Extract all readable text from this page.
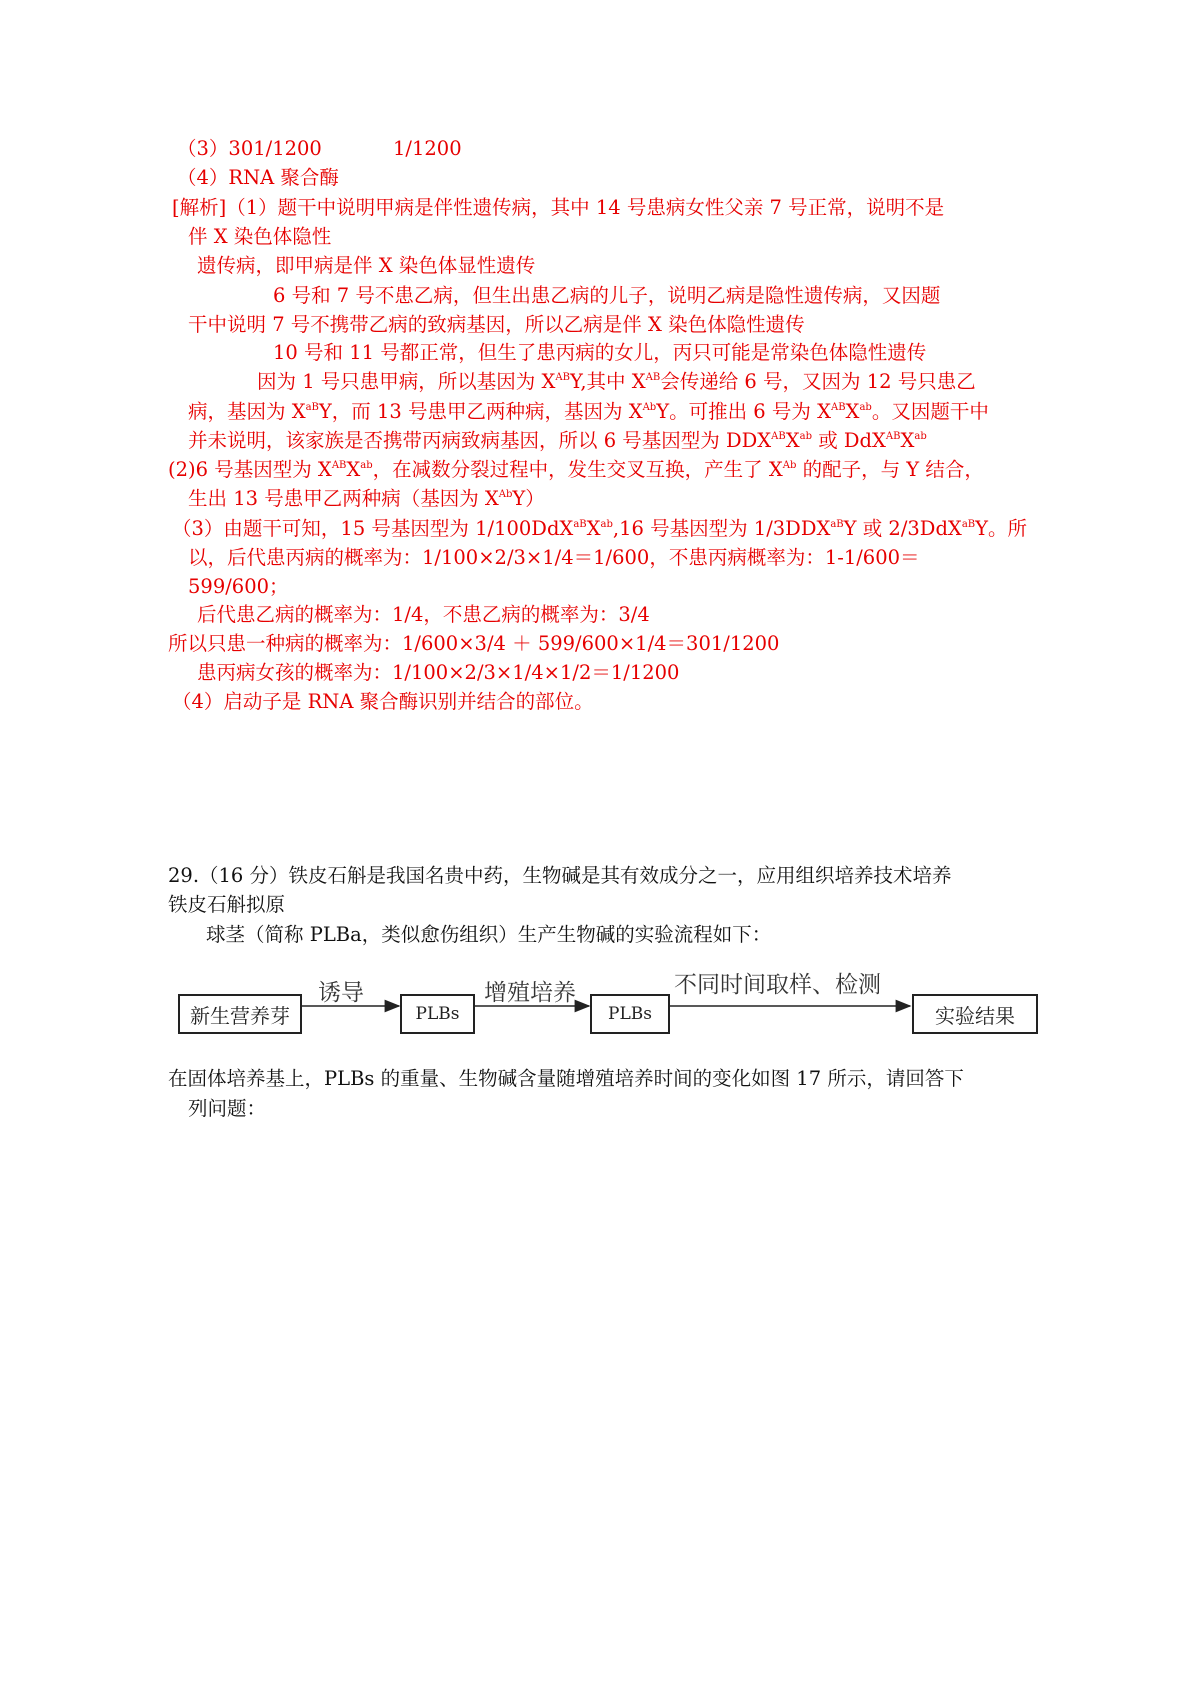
（3）301/1200	1/1200
（4）RNA 聚合酶
[解析]（1）题干中说明甲病是伴性遗传病，其中 14 号患病女性父亲 7 号正常，说明不是
伴 X 染色体隐性
遗传病，即甲病是伴 X 染色体显性遗传
6 号和 7 号不患乙病，但生出患乙病的儿子，说明乙病是隐性遗传病，又因题
干中说明 7 号不携带乙病的致病基因，所以乙病是伴 X 染色体隐性遗传
10 号和 11 号都正常，但生了患丙病的女儿，丙只可能是常染色体隐性遗传
因为 1 号只患甲病，所以基因为 $X^{AB}Y$,其中 $X^{AB}$会传递给 6 号，又因为 12 号只患乙
病，基因为 $X^{aB}Y$，而 13 号患甲乙两种病，基因为 $X^{Ab}Y$。可推出 6 号为 $X^{AB}X^{ab}$。又因题干中
并未说明，该家族是否携带丙病致病基因，所以 6 号基因型为 $DDX^{AB}X^{ab}$ 或 $DdX^{AB}X^{ab}$
(2)6 号基因型为 $X^{AB}X^{ab}$，在减数分裂过程中，发生交叉互换，产生了 $X^{Ab}$ 的配子，与 Y 结合，
生出 13 号患甲乙两种病（基因为 $X^{Ab}Y$）
（3）由题干可知，15 号基因型为 $1/100DdX^{aB}X^{ab},16$ 号基因型为 $1/3DDX^{aB}Y$ 或 2/3DdX$^{aB}$Y。所
以，后代患丙病的概率为：1/100×2/3×1/4＝1/600，不患丙病概率为：1-1/600＝
599/600；
后代患乙病的概率为：1/4，不患乙病的概率为：3/4
所以只患一种病的概率为：1/600×3/4 ＋ 599/600×1/4＝301/1200
患丙病女孩的概率为：1/100×2/3×1/4×1/2＝1/1200
（4）启动子是 RNA 聚合酶识别并结合的部位。
29.（16 分）铁皮石斛是我国名贵中药，生物碱是其有效成分之一，应用组织培养技术培养
铁皮石斛拟原
球茎（简称 PLBa，类似愈伤组织）生产生物碱的实验流程如下：
新生营养芽
诱导
PLBs
增殖培养
PLBs
不同时间取样、检测
实验结果
在固体培养基上，PLBs 的重量、生物碱含量随增殖培养时间的变化如图 17 所示，请回答下
列问题：
